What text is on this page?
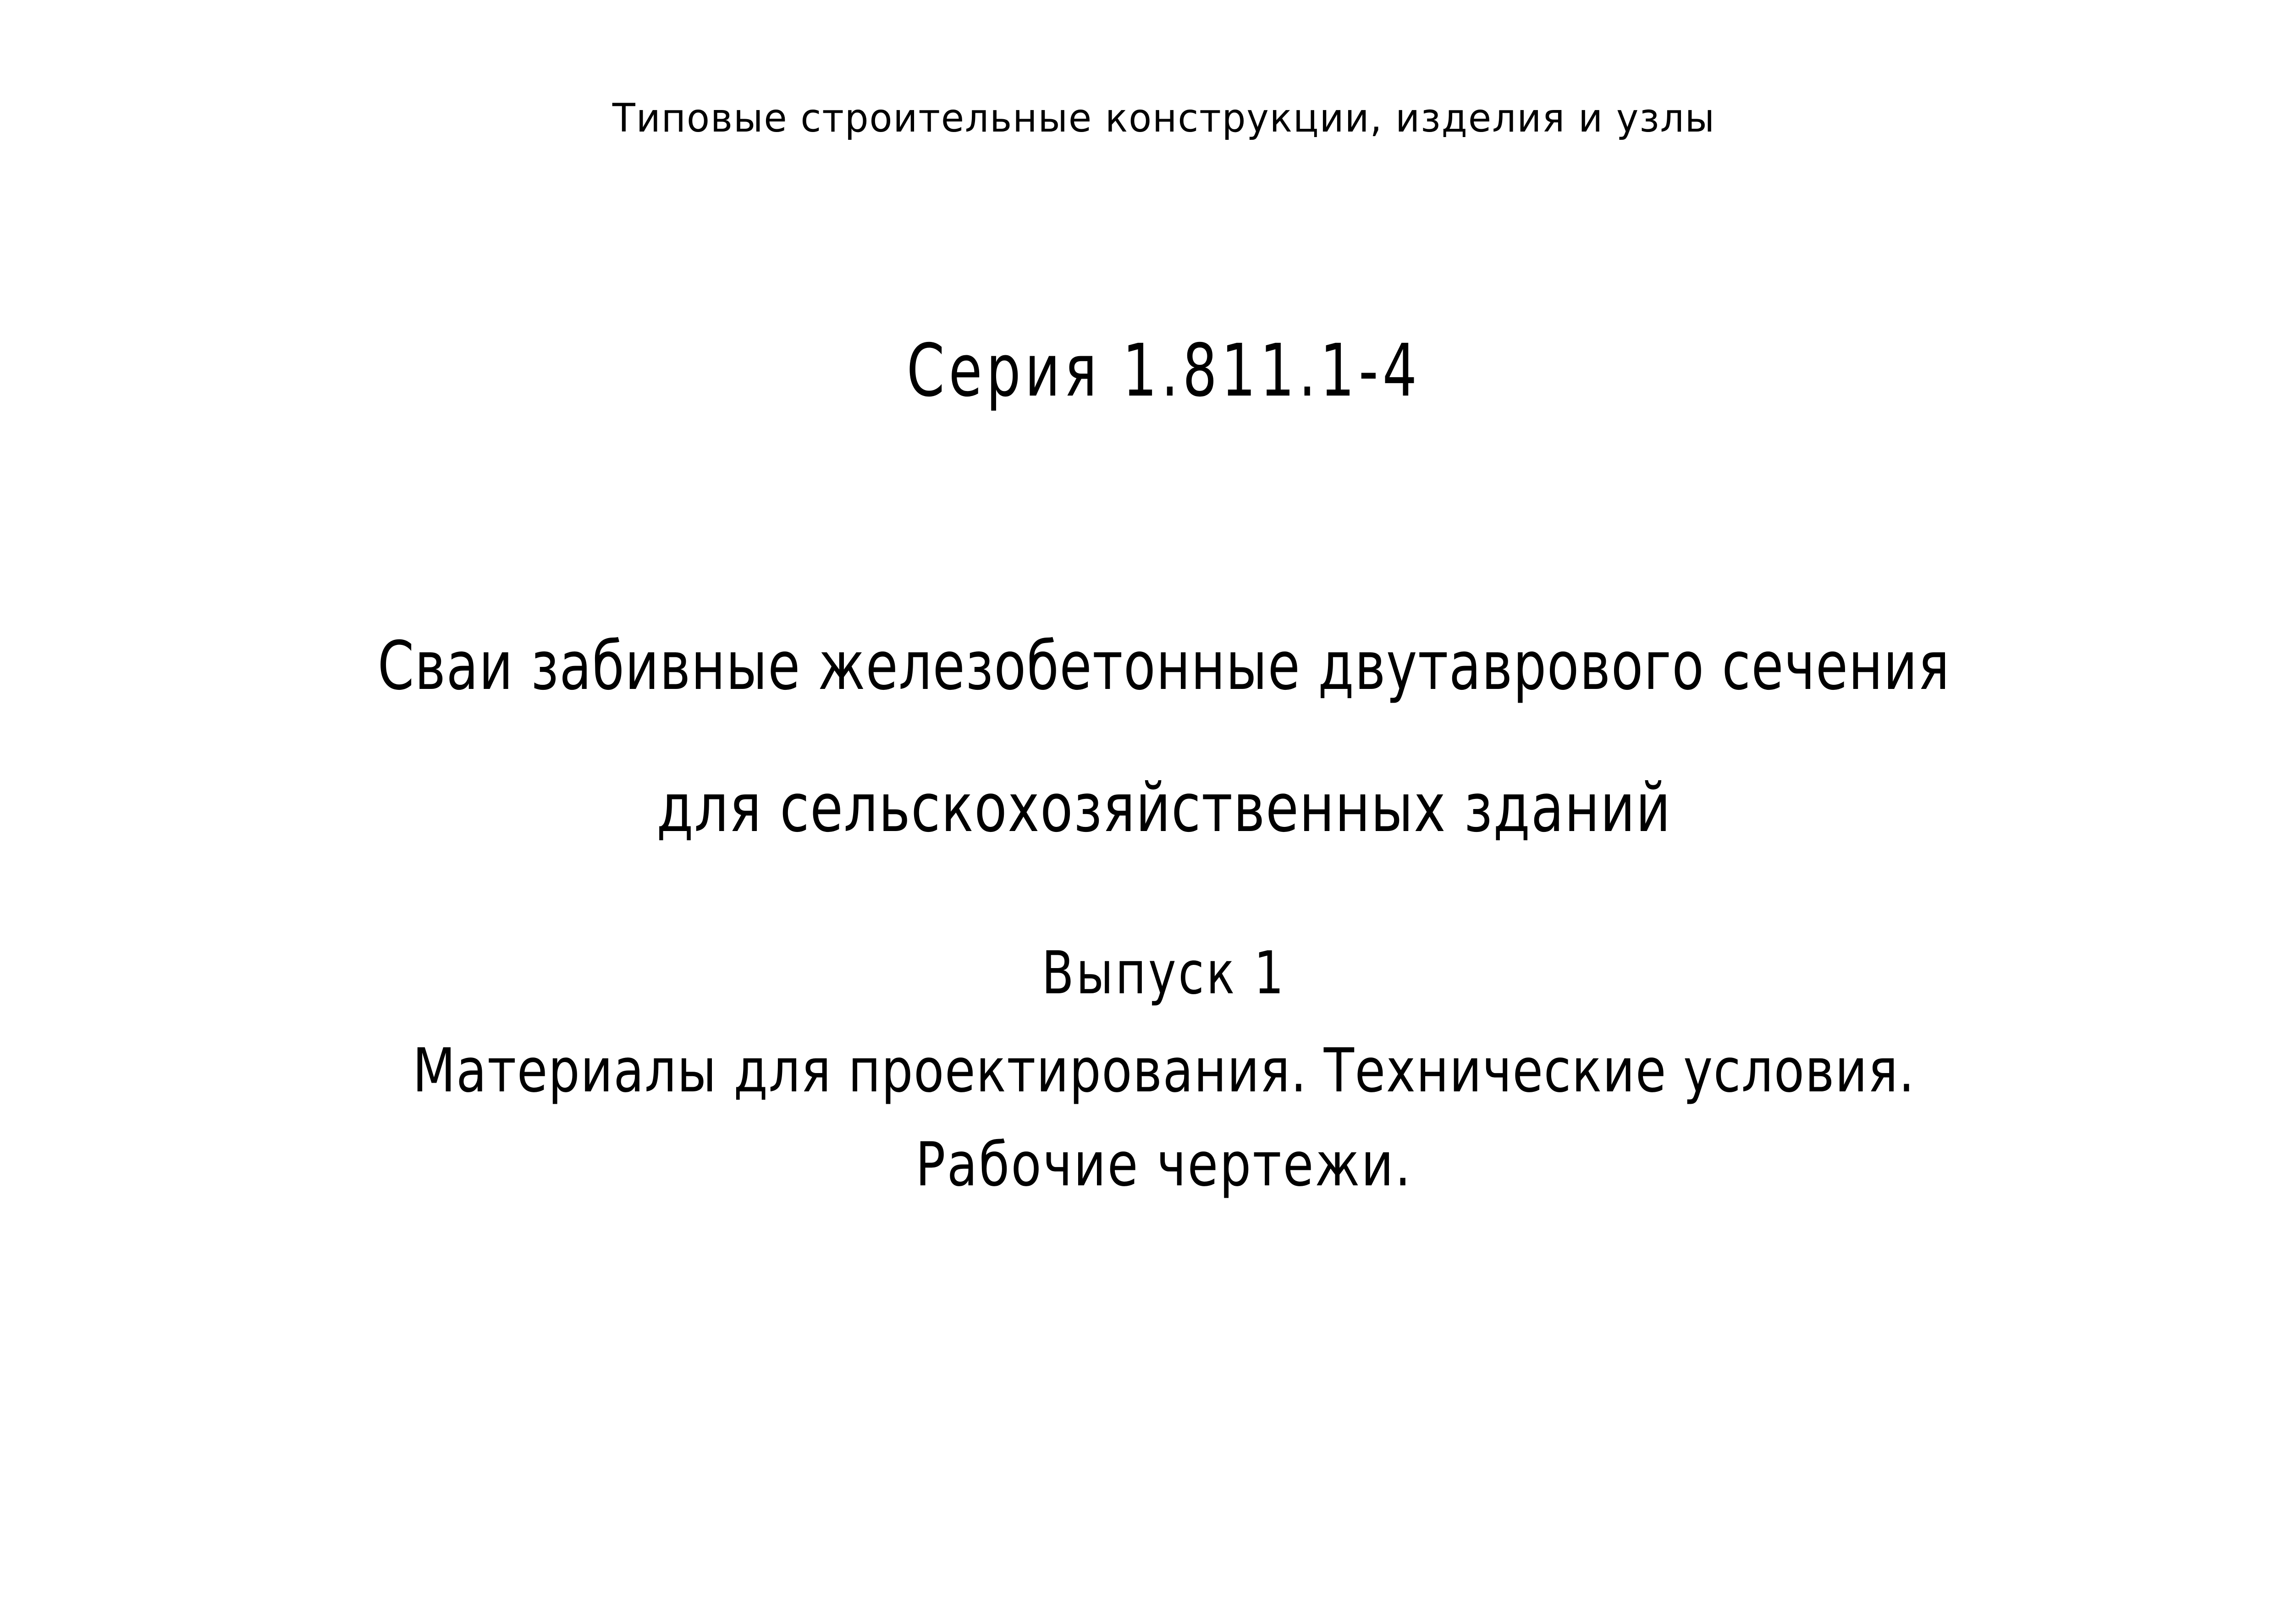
Типовые строительные конструкции, изделия и узлы
Серия 1.811.1-4
Сваи забивные железобетонные двутаврового сечения
для сельскохозяйственных зданий
Выпуск 1
Материалы для проектирования. Технические условия.
Рабочие чертежи.
